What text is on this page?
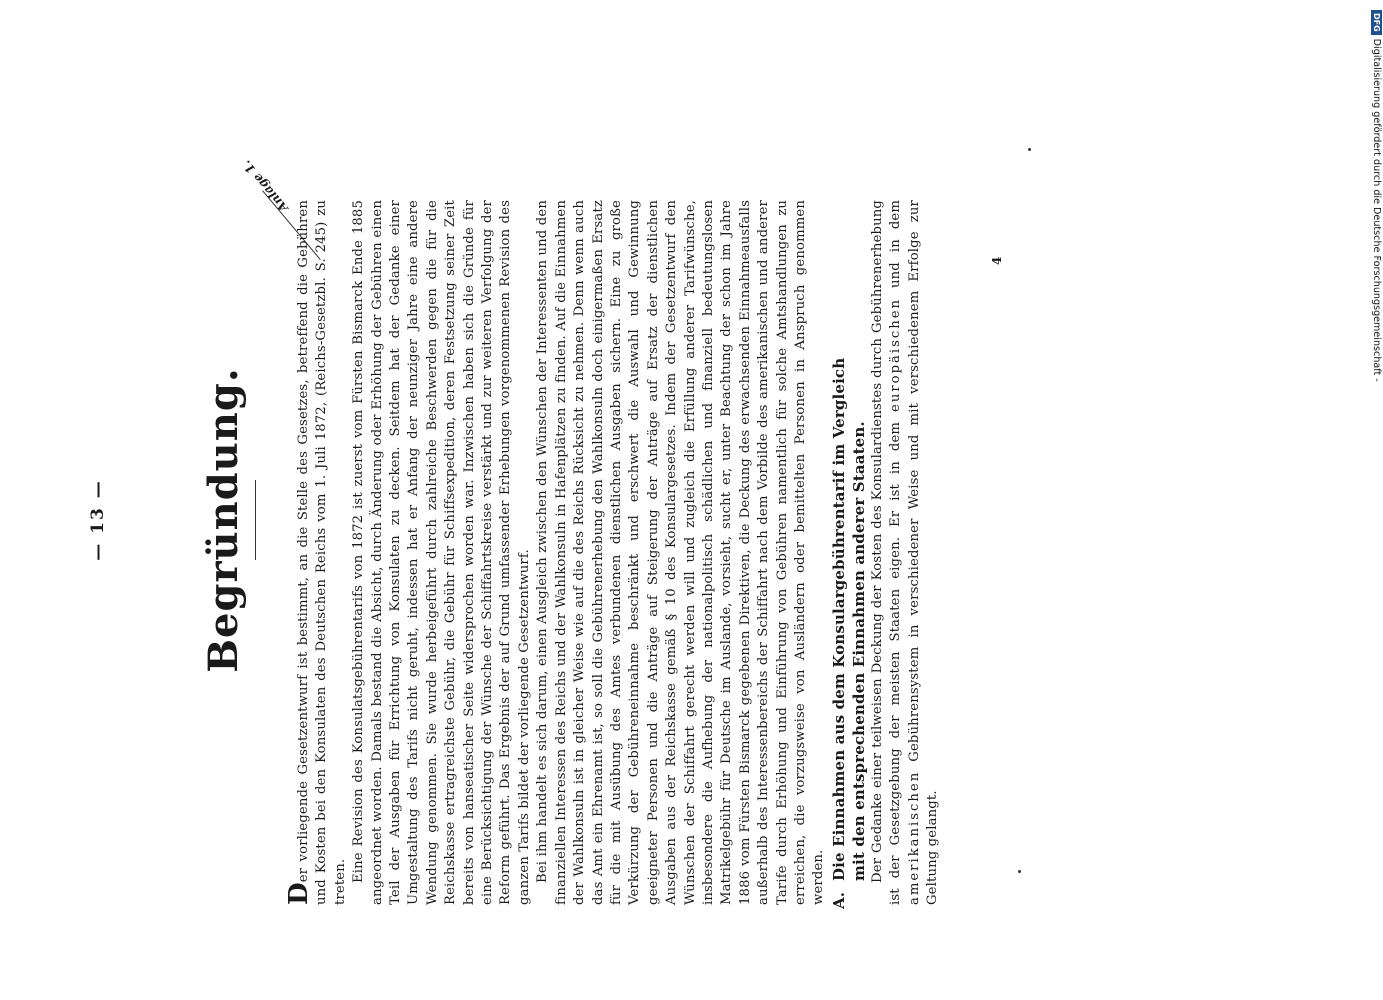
— 13 — Begründung.
Anlage 1.

Der vorliegende Gesetzentwurf ist bestimmt, an die Stelle des Gesetzes, betreffend die Gebühren und Kosten bei den Konsulaten des Deutschen Reichs vom 1. Juli 1872, (Reichs-Gesetzbl. S. 245) zu treten. Eine Revision des Konsulatsgebührentarifs von 1872 ist zuerst vom Fürsten Bismarck Ende 1885 angeordnet worden. Damals bestand die Absicht, durch Änderung oder Erhöhung der Gebühren einen Teil der Ausgaben für Errichtung von Konsulaten zu decken. Seitdem hat der Gedanke einer Umgestaltung des Tarifs nicht geruht, indessen hat er Anfang der neunziger Jahre eine andere Wendung genommen. Sie wurde herbeigeführt durch zahlreiche Beschwerden gegen die für die Reichskasse ertragreichste Gebühr, die Gebühr für Schiffsexpedition, deren Festsetzung seiner Zeit bereits von hanseatischer Seite widersprochen worden war. Inzwischen haben sich die Gründe für eine Berücksichtigung der Wünsche der Schiffahrtskreise verstärkt und zur weiteren Verfolgung der Reform geführt. Das Ergebnis der auf Grund umfassender Erhebungen vorgenommenen Revision des ganzen Tarifs bildet der vorliegende Gesetzentwurf. Bei ihm handelt es sich darum, einen Ausgleich zwischen den Wünschen der Interessenten und den finanziellen Interessen des Reichs und der Wahlkonsuln in Hafenplätzen zu finden. Auf die Einnahmen der Wahlkonsuln ist in gleicher Weise wie auf die des Reichs Rücksicht zu nehmen. Denn wenn auch das Amt ein Ehrenamt ist, so soll die Gebührenerhebung den Wahlkonsuln doch einigermaßen Ersatz für die mit Ausübung des Amtes verbundenen dienstlichen Ausgaben sichern. Eine zu große Verkürzung der Gebühreneinnahme beschränkt und erschwert die Auswahl und Gewinnung geeigneter Personen und die Anträge auf Steigerung der Anträge auf Ersatz der dienstlichen Ausgaben aus der Reichskasse gemäß § 10 des Konsulargesetzes. Indem der Gesetzentwurf den Wünschen der Schiffahrt gerecht werden will und zugleich die Erfüllung anderer Tarifwünsche, insbesondere die Aufhebung der nationalpolitisch schädlichen und finanziell bedeutungslosen Matrikelgebühr für Deutsche im Auslande, vorsieht, sucht er, unter Beachtung der schon im Jahre 1886 vom Fürsten Bismarck gegebenen Direktiven, die Deckung des erwachsenden Einnahmeausfalls außerhalb des Interessenbereichs der Schiffahrt nach dem Vorbilde des amerikanischen und anderer Tarife durch Erhöhung und Einführung von Gebühren namentlich für solche Amtshandlungen zu erreichen, die vorzugsweise von Ausländern oder bemittelten Personen in Anspruch genommen werden. A.Die Einnahmen aus dem Konsulargebührentarif im Vergleich mit den entsprechenden Einnahmen anderer Staaten. Der Gedanke einer teilweisen Deckung der Kosten des Konsulardienstes durch Gebührenerhebung ist der Gesetzgebung der meisten Staaten eigen. Er ist in dem europäischen und in dem amerikanischen Gebührensystem in verschiedener Weise und mit verschiedenem Erfolge zur Geltung gelangt.

4
DFGDigitalisierung gefördert durch die Deutsche Forschungsgemeinschaft -
